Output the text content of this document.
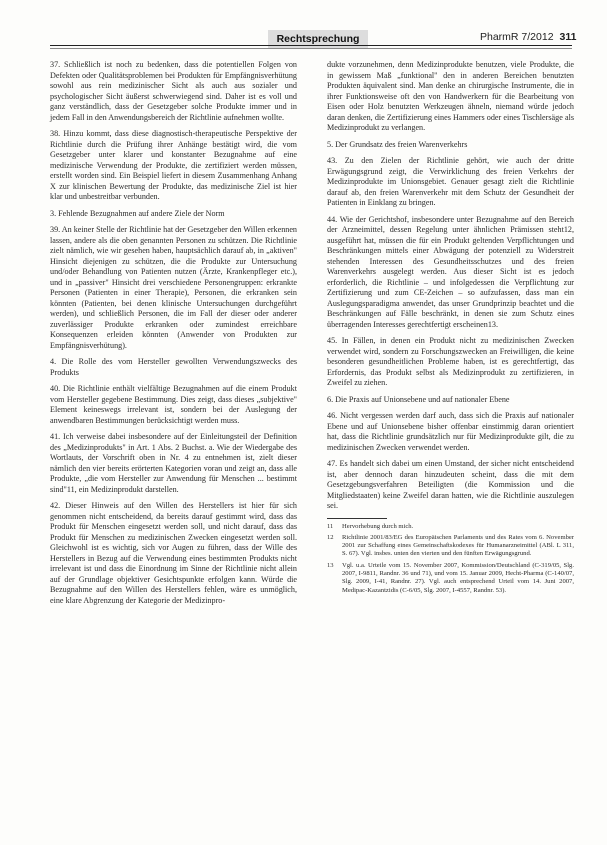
Rechtsprechung	PharmR 7/2012 311

37. Schließlich ist noch zu bedenken, dass die potentiellen Folgen von Defekten oder Qualitätsproblemen bei Produkten für Empfängnisverhütung sowohl aus rein medizinischer Sicht als auch aus sozialer und psychologischer Sicht äußerst schwerwiegend sind. Daher ist es voll und ganz verständlich, dass der Gesetzgeber solche Produkte immer und in jedem Fall in den Anwendungsbereich der Richtlinie aufnehmen wollte.

38. Hinzu kommt, dass diese diagnostisch-therapeutische Perspektive der Richtlinie durch die Prüfung ihrer Anhänge bestätigt wird, die vom Gesetzgeber unter klarer und konstanter Bezugnahme auf eine medizinische Verwendung der Produkte, die zertifiziert werden müssen, erstellt worden sind. Ein Beispiel liefert in diesem Zusammenhang Anhang X zur klinischen Bewertung der Produkte, das medizinische Ziel ist hier klar und unbestreitbar verbunden.

3. Fehlende Bezugnahmen auf andere Ziele der Norm

39. An keiner Stelle der Richtlinie hat der Gesetzgeber den Willen erkennen lassen, andere als die oben genannten Personen zu schützen. Die Richtlinie zielt nämlich, wie wir gesehen haben, hauptsächlich darauf ab, in „aktiven" Hinsicht diejenigen zu schützen, die die Produkte zur Untersuchung und/oder Behandlung von Patienten nutzen (Ärzte, Krankenpfleger etc.), und in „passiver" Hinsicht drei verschiedene Personengruppen: erkrankte Personen (Patienten in einer Therapie), Personen, die erkranken sein könnten (Patienten, bei denen klinische Untersuchungen durchgeführt werden), und schließlich Personen, die im Fall der dieser oder anderer zuverlässiger Produkte erkranken oder zumindest erreichbare Konsequenzen erleiden könnten (Anwender von Produkten zur Empfängnisverhütung).

4. Die Rolle des vom Hersteller gewollten Verwendungszwecks des Produkts

40. Die Richtlinie enthält vielfältige Bezugnahmen auf die einem Produkt vom Hersteller gegebene Bestimmung. Dies zeigt, dass dieses „subjektive" Element keineswegs irrelevant ist, sondern bei der Auslegung der anwendbaren Bestimmungen berücksichtigt werden muss.

41. Ich verweise dabei insbesondere auf der Einleitungsteil der Definition des „Medizinprodukts" in Art. 1 Abs. 2 Buchst. a. Wie der Wiedergabe des Wortlauts, der Vorschrift oben in Nr. 4 zu entnehmen ist, zielt dieser nämlich den vier bereits erörterten Kategorien voran und zeigt an, dass alle Produkte, „die vom Hersteller zur Anwendung für Menschen ... bestimmt sind"11, ein Medizinprodukt darstellen.

42. Dieser Hinweis auf den Willen des Herstellers ist hier für sich genommen nicht entscheidend, da bereits darauf gestimmt wird, dass das Produkt für Menschen eingesetzt werden soll, und nicht darauf, dass das Produkt für Menschen zu medizinischen Zwecken eingesetzt werden soll. Gleichwohl ist es wichtig, sich vor Augen zu führen, dass der Wille des Herstellers in Bezug auf die Verwendung eines bestimmten Produkts nicht irrelevant ist und dass die Einordnung im Sinne der Richtlinie nicht allein auf der Grundlage objektiver Gesichtspunkte erfolgen kann. Würde die Bezugnahme auf den Willen des Herstellers fehlen, wäre es unmöglich, eine klare Abgrenzung der Kategorie der Medizinpro-

dukte vorzunehmen, denn Medizinprodukte benutzen, viele Produkte, die in gewissem Maß „funktional" den in anderen Bereichen benutzten Produkten äquivalent sind. Man denke an chirurgische Instrumente, die in ihrer Funktionsweise oft den von Handwerkern für die Bearbeitung von Eisen oder Holz benutzten Werkzeugen ähneln, niemand würde jedoch daran denken, die Zertifizierung eines Hammers oder eines Tischlersäge als Medizinprodukt zu verlangen.

5. Der Grundsatz des freien Warenverkehrs

43. Zu den Zielen der Richtlinie gehört, wie auch der dritte Erwägungsgrund zeigt, die Verwirklichung des freien Verkehrs der Medizinprodukte im Unionsgebiet. Genauer gesagt zielt die Richtlinie darauf ab, den freien Warenverkehr mit dem Schutz der Gesundheit der Patienten in Einklang zu bringen.

44. Wie der Gerichtshof, insbesondere unter Bezugnahme auf den Bereich der Arzneimittel, dessen Regelung unter ähnlichen Prämissen steht12, ausgeführt hat, müssen die für ein Produkt geltenden Verpflichtungen und Beschränkungen mittels einer Abwägung der potenziell zu Widerstreit stehenden Interessen des Gesundheitsschutzes und des freien Warenverkehrs ausgelegt werden. Aus dieser Sicht ist es jedoch erforderlich, die Richtlinie – und infolgedessen die Verpflichtung zur Zertifizierung und zum CE-Zeichen – so aufzufassen, dass man ein Auslegungsparadigma anwendet, das unser Grundprinzip beachtet und die Beschränkungen auf Fälle beschränkt, in denen sie zum Schutz eines überragenden Interesses gerechtfertigt erscheinen13.

45. In Fällen, in denen ein Produkt nicht zu medizinischen Zwecken verwendet wird, sondern zu Forschungszwecken an Freiwilligen, die keine besonderen gesundheitlichen Probleme haben, ist es gerechtfertigt, das Erfordernis, das Produkt selbst als Medizinprodukt zu zertifizieren, in Zweifel zu ziehen.

6. Die Praxis auf Unionsebene und auf nationaler Ebene

46. Nicht vergessen werden darf auch, dass sich die Praxis auf nationaler Ebene und auf Unionsebene bisher offenbar einstimmig daran orientiert hat, dass die Richtlinie grundsätzlich nur für Medizinprodukte gilt, die zu medizinischen Zwecken verwendet werden.

47. Es handelt sich dabei um einen Umstand, der sicher nicht entscheidend ist, aber dennoch daran hinzudeuten scheint, dass die mit dem Gesetzgebungsverfahren Beteiligten (die Kommission und die Mitgliedstaaten) keine Zweifel daran hatten, wie die Richtlinie auszulegen sei.

11	Hervorhebung durch mich.
12	Richtlinie 2001/83/EG des Europäischen Parlaments und des Rates vom 6. November 2001 zur Schaffung eines Gemeinschaftskodexes für Humanarzneimittel (ABl. L 311, S. 67). Vgl. insbes. unten den vierten und den fünften Erwägungsgrund.
13	Vgl. u.a. Urteile vom 15. November 2007, Kommission/Deutschland (C-319/05, Slg. 2007, I-9811, Randnr. 36 und 71), und vom 15. Januar 2009, Hecht-Pharma (C-140/07, Slg. 2009, I-41, Randnr. 27). Vgl. auch entsprechend Urteil vom 14. Juni 2007, Medipac-Kazantzidis (C-6/05, Slg. 2007, I-4557, Randnr. 53).
